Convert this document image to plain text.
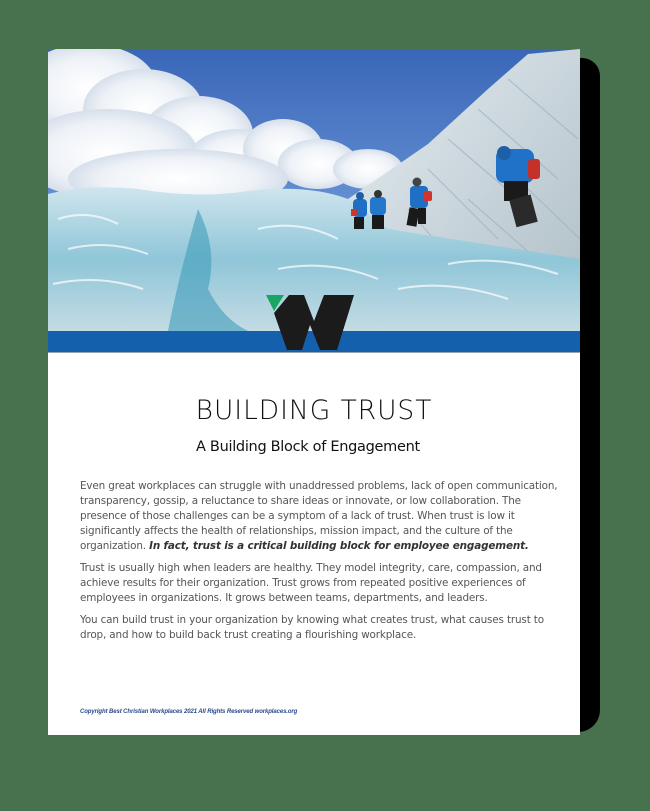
BUILDING TRUST
A Building Block of Engagement

Even great workplaces can struggle with unaddressed problems, lack of open communication, transparency, gossip, a reluctance to share ideas or innovate, or low collaboration. The presence of those challenges can be a symptom of a lack of trust. When trust is low it significantly affects the health of relationships, mission impact, and the culture of the organization. In fact, trust is a critical building block for employee engagement.

Trust is usually high when leaders are healthy. They model integrity, care, compassion, and achieve results for their organization. Trust grows from repeated positive experiences of employees in organizations. It grows between teams, departments, and leaders.

You can build trust in your organization by knowing what creates trust, what causes trust to drop, and how to build back trust creating a flourishing workplace.

Copyright Best Christian Workplaces 2021 All Rights Reserved workplaces.org
